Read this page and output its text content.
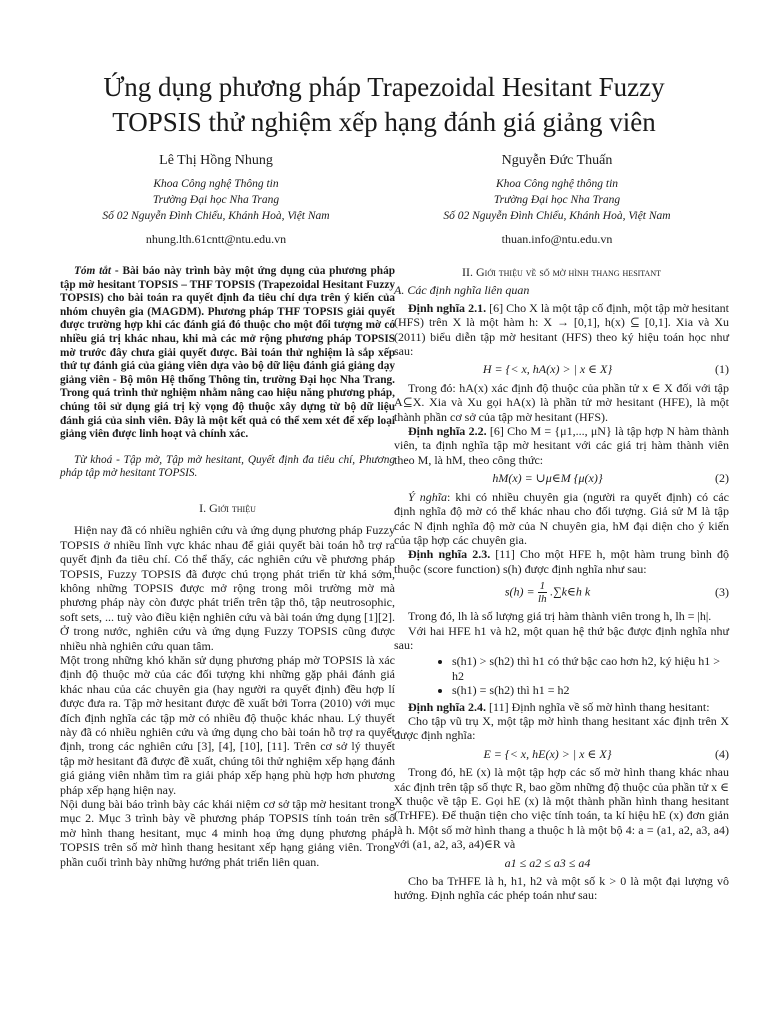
Ứng dụng phương pháp Trapezoidal Hesitant Fuzzy
TOPSIS thử nghiệm xếp hạng đánh giá giảng viên
Lê Thị Hồng Nhung
Khoa Công nghệ Thông tin
Trường Đại học Nha Trang
Số 02 Nguyễn Đình Chiểu, Khánh Hoà, Việt Nam
nhung.lth.61cntt@ntu.edu.vn
Nguyễn Đức Thuấn
Khoa Công nghệ thông tin
Trường Đại học Nha Trang
Số 02 Nguyễn Đình Chiểu, Khánh Hoà, Việt Nam
thuan.info@ntu.edu.vn

Tóm tắt - Bài báo này trình bày một ứng dụng của phương pháp tập mờ hesitant TOPSIS – THF TOPSIS (Trapezoidal Hesitant Fuzzy TOPSIS) cho bài toán ra quyết định đa tiêu chí dựa trên ý kiến của nhóm chuyên gia (MAGDM). Phương pháp THF TOPSIS giải quyết được trường hợp khi các đánh giá đó thuộc cho một đối tượng mờ có nhiều giá trị khác nhau, khi mà các mở rộng phương pháp TOPSIS mờ trước đây chưa giải quyết được. Bài toán thử nghiệm là sắp xếp thứ tự đánh giá của giảng viên dựa vào bộ dữ liệu đánh giá giảng dạy giảng viên - Bộ môn Hệ thống Thông tin, trường Đại học Nha Trang. Trong quá trình thử nghiệm nhằm nâng cao hiệu năng phương pháp, chúng tôi sử dụng giá trị kỳ vọng độ thuộc xây dựng từ bộ dữ liệu đánh giá của sinh viên. Đây là một kết quả có thể xem xét để xếp loại giảng viên được linh hoạt và chính xác.

Từ khoá - Tập mờ, Tập mờ hesitant, Quyết định đa tiêu chí, Phương pháp tập mờ hesitant TOPSIS.

I. Giới thiệu

Hiện nay đã có nhiều nghiên cứu và ứng dụng phương pháp Fuzzy TOPSIS ở nhiều lĩnh vực khác nhau để giải quyết bài toán hỗ trợ ra quyết định đa tiêu chí. Có thể thấy, các nghiên cứu về phương pháp TOPSIS, Fuzzy TOPSIS đã được chú trọng phát triển từ khá sớm, không những TOPSIS được mở rộng trong môi trường mờ mà phương pháp này còn được phát triển trên tập thô, tập neutrosophic, soft sets, ... tuỳ vào điều kiện nghiên cứu và bài toán ứng dụng [1][2]. Ở trong nước, nghiên cứu và ứng dụng Fuzzy TOPSIS cũng được nhiều nhà nghiên cứu quan tâm.

Một trong những khó khăn sử dụng phương pháp mờ TOPSIS là xác định độ thuộc mờ của các đối tượng khi những gặp phải đánh giá khác nhau của các chuyên gia (hay người ra quyết định) đều hợp lí được đưa ra. Tập mờ hesitant được đề xuất bởi Torra (2010) với mục đích định nghĩa các tập mờ có nhiều độ thuộc khác nhau. Lý thuyết này đã có nhiều nghiên cứu và ứng dụng cho bài toán hỗ trợ ra quyết định, trong các nghiên cứu [3], [4], [10], [11]. Trên cơ sở lý thuyết tập mờ hesitant đã được đề xuất, chúng tôi thử nghiệm xếp hạng đánh giá giảng viên nhằm tìm ra giải pháp xếp hạng phù hợp hơn phương pháp xếp hạng hiện nay.

Nội dung bài báo trình bày các khái niệm cơ sở tập mờ hesitant trong mục 2. Mục 3 trình bày về phương pháp TOPSIS tính toán trên số mờ hình thang hesitant, mục 4 minh hoạ ứng dụng phương pháp TOPSIS trên số mờ hình thang hesitant xếp hạng giảng viên. Trong phần cuối trình bày những hướng phát triển liên quan.

II. Giới thiệu về số mờ hình thang hesitant
A. Các định nghĩa liên quan

Định nghĩa 2.1. [6] Cho X là một tập cố định, một tập mờ hesitant (HFS) trên X là một hàm h: X → [0,1], h(x) ⊆ [0,1]. Xia và Xu (2011) biểu diễn tập mờ hesitant (HFS) theo ký hiệu toán học như sau:

H = {< x, hA(x) > | x ∈ X}	(1)

Trong đó: hA(x) xác định độ thuộc của phần tử x ∈ X đối với tập A⊆X. Xia và Xu gọi hA(x) là phần tử mờ hesitant (HFE), là một thành phần cơ sở của tập mờ hesitant (HFS).

Định nghĩa 2.2. [6] Cho M = {μ1,..., μN} là tập hợp N hàm thành viên, ta định nghĩa tập mờ hesitant với các giá trị hàm thành viên theo M, là hM, theo công thức:

hM(x) = ∪μ∈M {μ(x)}	(2)

Ý nghĩa: khi có nhiều chuyên gia (người ra quyết định) có các định nghĩa độ mờ có thể khác nhau cho đối tượng. Giả sử M là tập các N định nghĩa độ mờ của N chuyên gia, hM đại diện cho ý kiến của tập hợp các chuyên gia.

Định nghĩa 2.3. [11] Cho một HFE h, một hàm trung bình độ thuộc (score function) s(h) được định nghĩa như sau:

$s(h) = \frac{1}{lh}$ .∑k∈h k	(3)

Trong đó, lh là số lượng giá trị hàm thành viên trong h, lh = |h|.

Với hai HFE h1 và h2, một quan hệ thứ bậc được định nghĩa như sau:

• s(h1) > s(h2) thì h1 có thứ bậc cao hơn h2, ký hiệu h1 > h2
• s(h1) = s(h2) thì h1 = h2

Định nghĩa 2.4. [11] Định nghĩa về số mờ hình thang hesitant:

Cho tập vũ trụ X, một tập mờ hình thang hesitant xác định trên X được định nghĩa:

E = {< x, hE(x) > | x ∈ X}	(4)

Trong đó, hE (x) là một tập hợp các số mờ hình thang khác nhau xác định trên tập số thực R, bao gồm những độ thuộc của phần tử x ∈ X thuộc về tập E. Gọi hE (x) là một thành phần hình thang hesitant (TrHFE). Để thuận tiện cho việc tính toán, ta kí hiệu hE (x) đơn giản là h. Một số mờ hình thang a thuộc h là một bộ 4: a = (a1, a2, a3, a4) với (a1, a2, a3, a4)∈R và

a1 ≤ a2 ≤ a3 ≤ a4

Cho ba TrHFE là h, h1, h2 và một số k > 0 là một đại lượng vô hướng. Định nghĩa các phép toán như sau:
